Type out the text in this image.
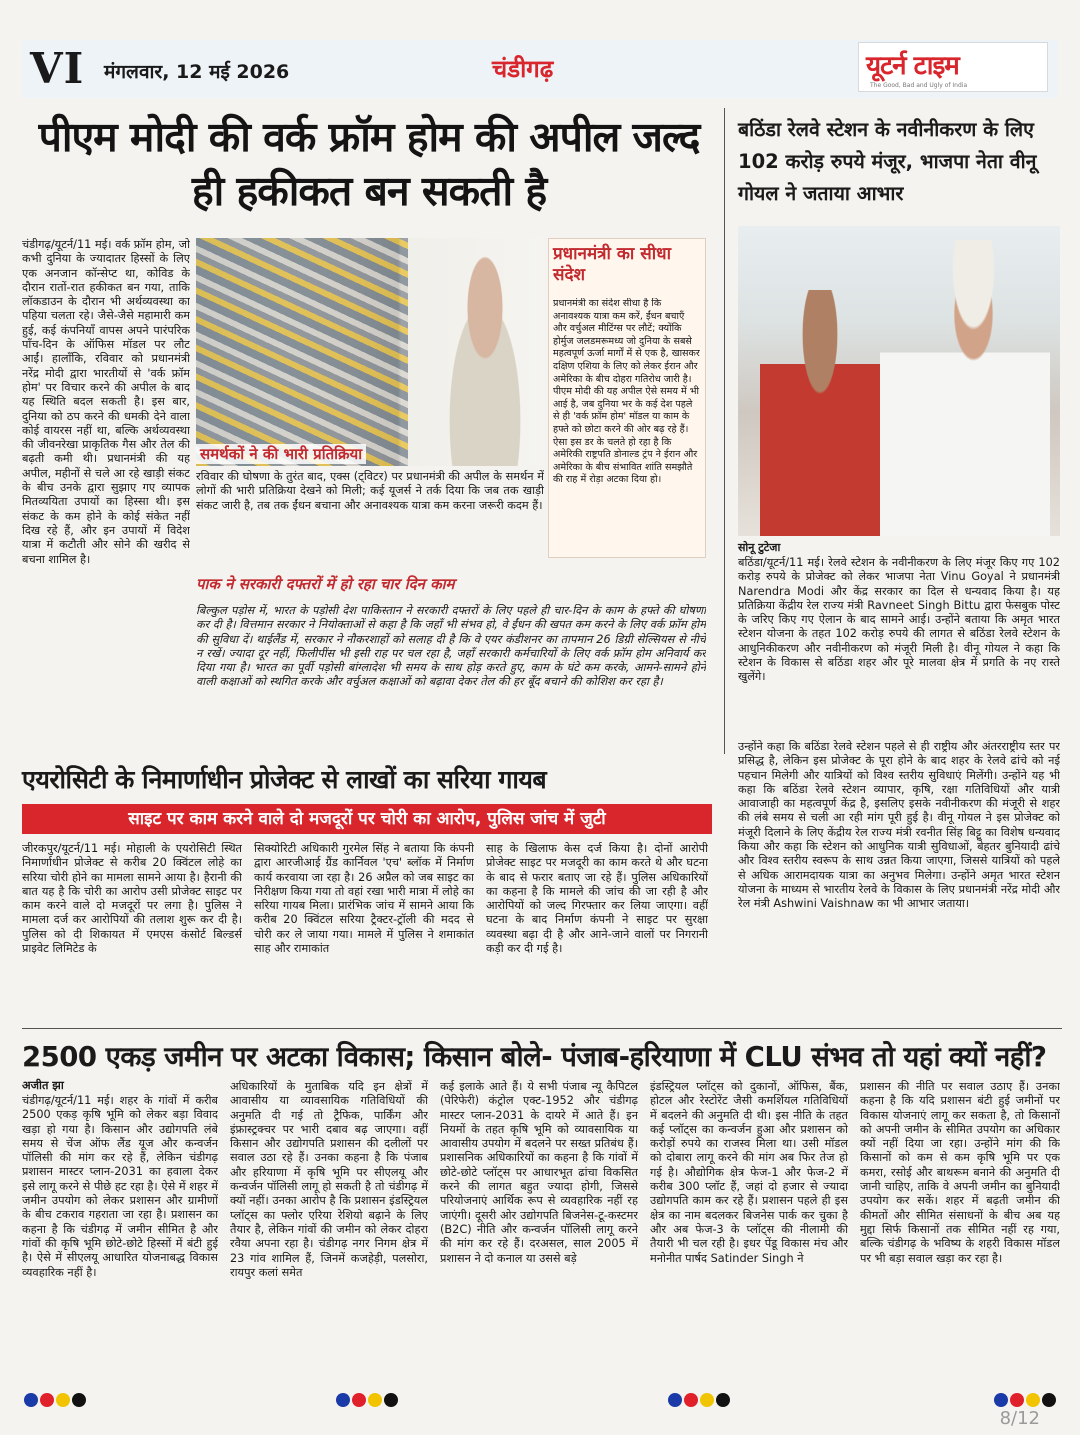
VI मंगलवार, 12 मई 2026	चंडीगढ़	यूटर्न टाइम
The Good, Bad and Ugly of India
पीएम मोदी की वर्क फ्रॉम होम की अपील जल्द ही हकीकत बन सकती है
चंडीगढ़/यूटर्न/11 मई। वर्क फ्रॉम होम, जो कभी दुनिया के ज्यादातर हिस्सों के लिए एक अनजान कॉन्सेप्ट था, कोविड के दौरान रातों-रात हकीकत बन गया, ताकि लॉकडाउन के दौरान भी अर्थव्यवस्था का पहिया चलता रहे। जैसे-जैसे महामारी कम हुई, कई कंपनियाँ वापस अपने पारंपरिक पाँच-दिन के ऑफिस मॉडल पर लौट आईं। हालाँकि, रविवार को प्रधानमंत्री नरेंद्र मोदी द्वारा भारतीयों से 'वर्क फ्रॉम होम' पर विचार करने की अपील के बाद यह स्थिति बदल सकती है। इस बार, दुनिया को ठप करने की धमकी देने वाला कोई वायरस नहीं था, बल्कि अर्थव्यवस्था की जीवनरेखा प्राकृतिक गैस और तेल की बढ़ती कमी थी। प्रधानमंत्री की यह अपील, महीनों से चले आ रहे खाड़ी संकट के बीच उनके द्वारा सुझाए गए व्यापक मितव्ययिता उपायों का हिस्सा थी। इस संकट के कम होने के कोई संकेत नहीं दिख रहे हैं, और इन उपायों में विदेश यात्रा में कटौती और सोने की खरीद से बचना शामिल है।
प्रधानमंत्री का सीधा संदेश
प्रधानमंत्री का संदेश सीधा है कि अनावश्यक यात्रा कम करें, ईंधन बचाएँ और वर्चुअल मीटिंग्स पर लौटें; क्योंकि होर्मुज जलडमरूमध्य जो दुनिया के सबसे महत्वपूर्ण ऊर्जा मार्गों में से एक है, खासकर दक्षिण एशिया के लिए को लेकर ईरान और अमेरिका के बीच दोहरा गतिरोध जारी है। पीएम मोदी की यह अपील ऐसे समय में भी आई है, जब दुनिया भर के कई देश पहले से ही 'वर्क फ्रॉम होम' मॉडल या काम के हफ्ते को छोटा करने की ओर बढ़ रहे हैं। ऐसा इस डर के चलते हो रहा है कि अमेरिकी राष्ट्रपति डोनाल्ड ट्रंप ने ईरान और अमेरिका के बीच संभावित शांति समझौते की राह में रोड़ा अटका दिया हो।
समर्थकों ने की भारी प्रतिक्रिया
रविवार की घोषणा के तुरंत बाद, एक्स (ट्विटर) पर प्रधानमंत्री की अपील के समर्थन में लोगों की भारी प्रतिक्रिया देखने को मिली; कई यूजर्स ने तर्क दिया कि जब तक खाड़ी संकट जारी है, तब तक ईंधन बचाना और अनावश्यक यात्रा कम करना जरूरी कदम हैं।
पाक ने सरकारी दफ्तरों में हो रहा चार दिन काम
बिल्कुल पड़ोस में, भारत के पड़ोसी देश पाकिस्तान ने सरकारी दफ्तरों के लिए पहले ही चार-दिन के काम के हफ्ते की घोषणा कर दी है। वित्तमान सरकार ने नियोक्ताओं से कहा है कि जहाँ भी संभव हो, वे ईंधन की खपत कम करने के लिए वर्क फ्रॉम होम की सुविधा दें। थाईलैंड में, सरकार ने नौकरशाहों को सलाह दी है कि वे एयर कंडीशनर का तापमान 26 डिग्री सेल्सियस से नीचे न रखें। ज्यादा दूर नहीं, फिलीपींस भी इसी राह पर चल रहा है, जहाँ सरकारी कर्मचारियों के लिए वर्क फ्रॉम होम अनिवार्य कर दिया गया है। भारत का पूर्वी पड़ोसी बांग्लादेश भी समय के साथ होड़ करते हुए, काम के घंटे कम करके, आमने-सामने होने वाली कक्षाओं को स्थगित करके और वर्चुअल कक्षाओं को बढ़ावा देकर तेल की हर बूँद बचाने की कोशिश कर रहा है।
बठिंडा रेलवे स्टेशन के नवीनीकरण के लिए 102 करोड़ रुपये मंजूर, भाजपा नेता वीनू गोयल ने जताया आभार
सोनू टुटेजा
बठिंडा/यूटर्न/11 मई। रेलवे स्टेशन के नवीनीकरण के लिए मंजूर किए गए 102 करोड़ रुपये के प्रोजेक्ट को लेकर भाजपा नेता Vinu Goyal ने प्रधानमंत्री Narendra Modi और केंद्र सरकार का दिल से धन्यवाद किया है। यह प्रतिक्रिया केंद्रीय रेल राज्य मंत्री Ravneet Singh Bittu द्वारा फेसबुक पोस्ट के जरिए किए गए ऐलान के बाद सामने आई। उन्होंने बताया कि अमृत भारत स्टेशन योजना के तहत 102 करोड़ रुपये की लागत से बठिंडा रेलवे स्टेशन के आधुनिकीकरण और नवीनीकरण को मंजूरी मिली है। वीनू गोयल ने कहा कि स्टेशन के विकास से बठिंडा शहर और पूरे मालवा क्षेत्र में प्रगति के नए रास्ते खुलेंगे।
उन्होंने कहा कि बठिंडा रेलवे स्टेशन पहले से ही राष्ट्रीय और अंतरराष्ट्रीय स्तर पर प्रसिद्ध है, लेकिन इस प्रोजेक्ट के पूरा होने के बाद शहर के रेलवे ढांचे को नई पहचान मिलेगी और यात्रियों को विश्व स्तरीय सुविधाएं मिलेंगी। उन्होंने यह भी कहा कि बठिंडा रेलवे स्टेशन व्यापार, कृषि, रक्षा गतिविधियों और यात्री आवाजाही का महत्वपूर्ण केंद्र है, इसलिए इसके नवीनीकरण की मंजूरी से शहर की लंबे समय से चली आ रही मांग पूरी हुई है। वीनू गोयल ने इस प्रोजेक्ट को मंजूरी दिलाने के लिए केंद्रीय रेल राज्य मंत्री रवनीत सिंह बिट्टू का विशेष धन्यवाद किया और कहा कि स्टेशन को आधुनिक यात्री सुविधाओं, बेहतर बुनियादी ढांचे और विश्व स्तरीय स्वरूप के साथ उन्नत किया जाएगा, जिससे यात्रियों को पहले से अधिक आरामदायक यात्रा का अनुभव मिलेगा। उन्होंने अमृत भारत स्टेशन योजना के माध्यम से भारतीय रेलवे के विकास के लिए प्रधानमंत्री नरेंद्र मोदी और रेल मंत्री Ashwini Vaishnaw का भी आभार जताया।
एयरोसिटी के निमार्णाधीन प्रोजेक्ट से लाखों का सरिया गायब
साइट पर काम करने वाले दो मजदूरों पर चोरी का आरोप, पुलिस जांच में जुटी
जीरकपुर/यूटर्न/11 मई। मोहाली के एयरोसिटी स्थित निमार्णाधीन प्रोजेक्ट से करीब 20 क्विंटल लोहे का सरिया चोरी होने का मामला सामने आया है। हैरानी की बात यह है कि चोरी का आरोप उसी प्रोजेक्ट साइट पर काम करने वाले दो मजदूरों पर लगा है। पुलिस ने मामला दर्ज कर आरोपियों की तलाश शुरू कर दी है। पुलिस को दी शिकायत में एमएस कंसोर्ट बिल्डर्स प्राइवेट लिमिटेड के
सिक्योरिटी अधिकारी गुरमेल सिंह ने बताया कि कंपनी द्वारा आरजीआई ग्रैंड कार्निवल 'एच' ब्लॉक में निर्माण कार्य करवाया जा रहा है। 26 अप्रैल को जब साइट का निरीक्षण किया गया तो वहां रखा भारी मात्रा में लोहे का सरिया गायब मिला। प्रारंभिक जांच में सामने आया कि करीब 20 क्विंटल सरिया ट्रैक्टर-ट्रॉली की मदद से चोरी कर ले जाया गया। मामले में पुलिस ने शमाकांत साह और रामाकांत
साह के खिलाफ केस दर्ज किया है। दोनों आरोपी प्रोजेक्ट साइट पर मजदूरी का काम करते थे और घटना के बाद से फरार बताए जा रहे हैं। पुलिस अधिकारियों का कहना है कि मामले की जांच की जा रही है और आरोपियों को जल्द गिरफ्तार कर लिया जाएगा। वहीं घटना के बाद निर्माण कंपनी ने साइट पर सुरक्षा व्यवस्था बढ़ा दी है और आने-जाने वालों पर निगरानी कड़ी कर दी गई है।
2500 एकड़ जमीन पर अटका विकास; किसान बोले- पंजाब-हरियाणा में CLU संभव तो यहां क्यों नहीं?
अजीत झा
चंडीगढ़/यूटर्न/11 मई। शहर के गांवों में करीब 2500 एकड़ कृषि भूमि को लेकर बड़ा विवाद खड़ा हो गया है। किसान और उद्योगपति लंबे समय से चेंज ऑफ लैंड यूज और कन्वर्जन पॉलिसी की मांग कर रहे हैं, लेकिन चंडीगढ़ प्रशासन मास्टर प्लान-2031 का हवाला देकर इसे लागू करने से पीछे हट रहा है। ऐसे में शहर में जमीन उपयोग को लेकर प्रशासन और ग्रामीणों के बीच टकराव गहराता जा रहा है। प्रशासन का कहना है कि चंडीगढ़ में जमीन सीमित है और गांवों की कृषि भूमि छोटे-छोटे हिस्सों में बंटी हुई है। ऐसे में सीएलयू आधारित योजनाबद्ध विकास व्यवहारिक नहीं है।
अधिकारियों के मुताबिक यदि इन क्षेत्रों में आवासीय या व्यावसायिक गतिविधियों की अनुमति दी गई तो ट्रैफिक, पार्किंग और इंफ्रास्ट्रक्चर पर भारी दबाव बढ़ जाएगा। वहीं किसान और उद्योगपति प्रशासन की दलीलों पर सवाल उठा रहे हैं। उनका कहना है कि पंजाब और हरियाणा में कृषि भूमि पर सीएलयू और कन्वर्जन पॉलिसी लागू हो सकती है तो चंडीगढ़ में क्यों नहीं। उनका आरोप है कि प्रशासन इंडस्ट्रियल प्लॉट्स का फ्लोर एरिया रेशियो बढ़ाने के लिए तैयार है, लेकिन गांवों की जमीन को लेकर दोहरा रवैया अपना रहा है। चंडीगढ़ नगर निगम क्षेत्र में 23 गांव शामिल हैं, जिनमें कजहेड़ी, पलसोरा, रायपुर कलां समेत
कई इलाके आते हैं। ये सभी पंजाब न्यू कैपिटल (पेरिफेरी) कंट्रोल एक्ट-1952 और चंडीगढ़ मास्टर प्लान-2031 के दायरे में आते हैं। इन नियमों के तहत कृषि भूमि को व्यावसायिक या आवासीय उपयोग में बदलने पर सख्त प्रतिबंध हैं। प्रशासनिक अधिकारियों का कहना है कि गांवों में छोटे-छोटे प्लॉट्स पर आधारभूत ढांचा विकसित करने की लागत बहुत ज्यादा होगी, जिससे परियोजनाएं आर्थिक रूप से व्यवहारिक नहीं रह जाएंगी। दूसरी ओर उद्योगपति बिजनेस-टू-कस्टमर (B2C) नीति और कन्वर्जन पॉलिसी लागू करने की मांग कर रहे हैं। दरअसल, साल 2005 में प्रशासन ने दो कनाल या उससे बड़े
इंडस्ट्रियल प्लॉट्स को दुकानों, ऑफिस, बैंक, होटल और रेस्टोरेंट जैसी कमर्शियल गतिविधियों में बदलने की अनुमति दी थी। इस नीति के तहत कई प्लॉट्स का कन्वर्जन हुआ और प्रशासन को करोड़ों रुपये का राजस्व मिला था। उसी मॉडल को दोबारा लागू करने की मांग अब फिर तेज हो गई है। औद्योगिक क्षेत्र फेज-1 और फेज-2 में करीब 300 प्लॉट हैं, जहां दो हजार से ज्यादा उद्योगपति काम कर रहे हैं। प्रशासन पहले ही इस क्षेत्र का नाम बदलकर बिजनेस पार्क कर चुका है और अब फेज-3 के प्लॉट्स की नीलामी की तैयारी भी चल रही है। इधर पेंडू विकास मंच और मनोनीत पार्षद Satinder Singh ने
प्रशासन की नीति पर सवाल उठाए हैं। उनका कहना है कि यदि प्रशासन बंटी हुई जमीनों पर विकास योजनाएं लागू कर सकता है, तो किसानों को अपनी जमीन के सीमित उपयोग का अधिकार क्यों नहीं दिया जा रहा। उन्होंने मांग की कि किसानों को कम से कम कृषि भूमि पर एक कमरा, रसोई और बाथरूम बनाने की अनुमति दी जानी चाहिए, ताकि वे अपनी जमीन का बुनियादी उपयोग कर सकें। शहर में बढ़ती जमीन की कीमतों और सीमित संसाधनों के बीच अब यह मुद्दा सिर्फ किसानों तक सीमित नहीं रह गया, बल्कि चंडीगढ़ के भविष्य के शहरी विकास मॉडल पर भी बड़ा सवाल खड़ा कर रहा है।
8/12
